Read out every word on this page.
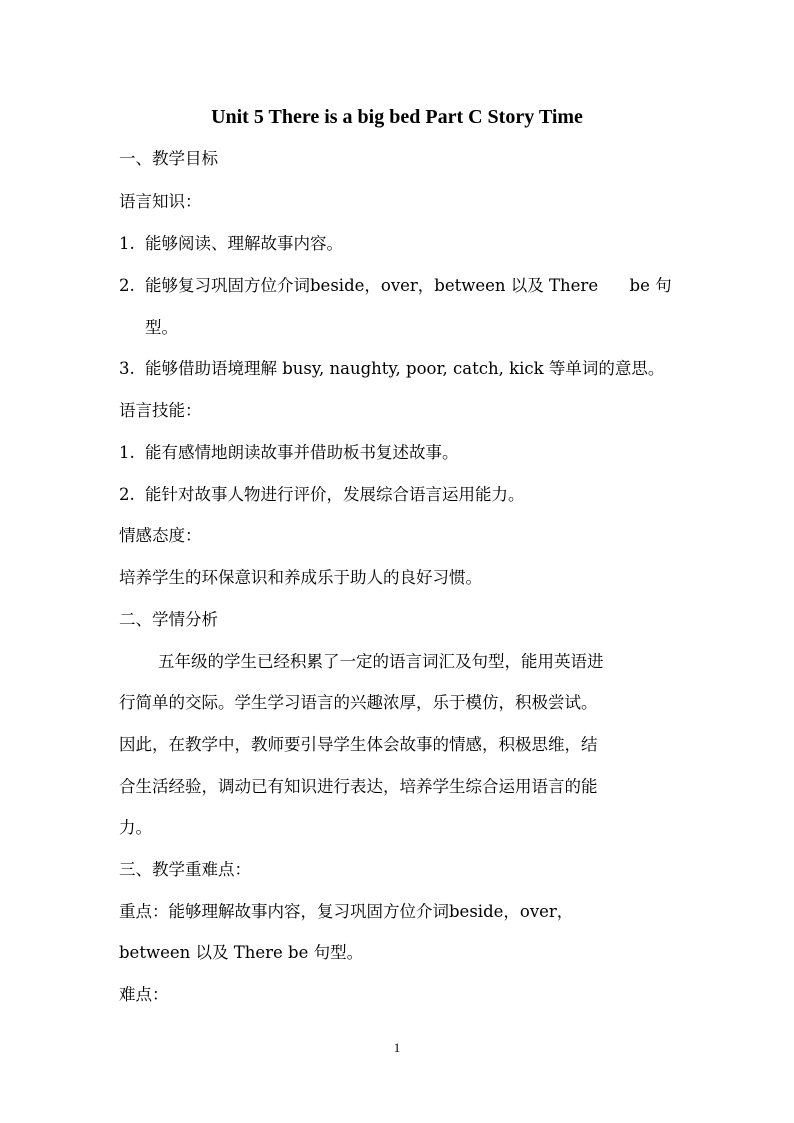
Unit 5 There is a big bed Part C Story Time
一、教学目标
语言知识：
1. 能够阅读、理解故事内容。
2. 能够复习巩固方位介词beside，over，between 以及 There      be 句
型。
3. 能够借助语境理解 busy, naughty, poor, catch, kick 等单词的意思。
语言技能：
1. 能有感情地朗读故事并借助板书复述故事。
2. 能针对故事人物进行评价，发展综合语言运用能力。
情感态度：
培养学生的环保意识和养成乐于助人的良好习惯。
二、学情分析
五年级的学生已经积累了一定的语言词汇及句型，能用英语进
行简单的交际。学生学习语言的兴趣浓厚，乐于模仿，积极尝试。
因此，在教学中，教师要引导学生体会故事的情感，积极思维，结
合生活经验，调动已有知识进行表达，培养学生综合运用语言的能
力。
三、教学重难点：
重点：能够理解故事内容，复习巩固方位介词beside，over，
between 以及 There be 句型。
难点：
1
